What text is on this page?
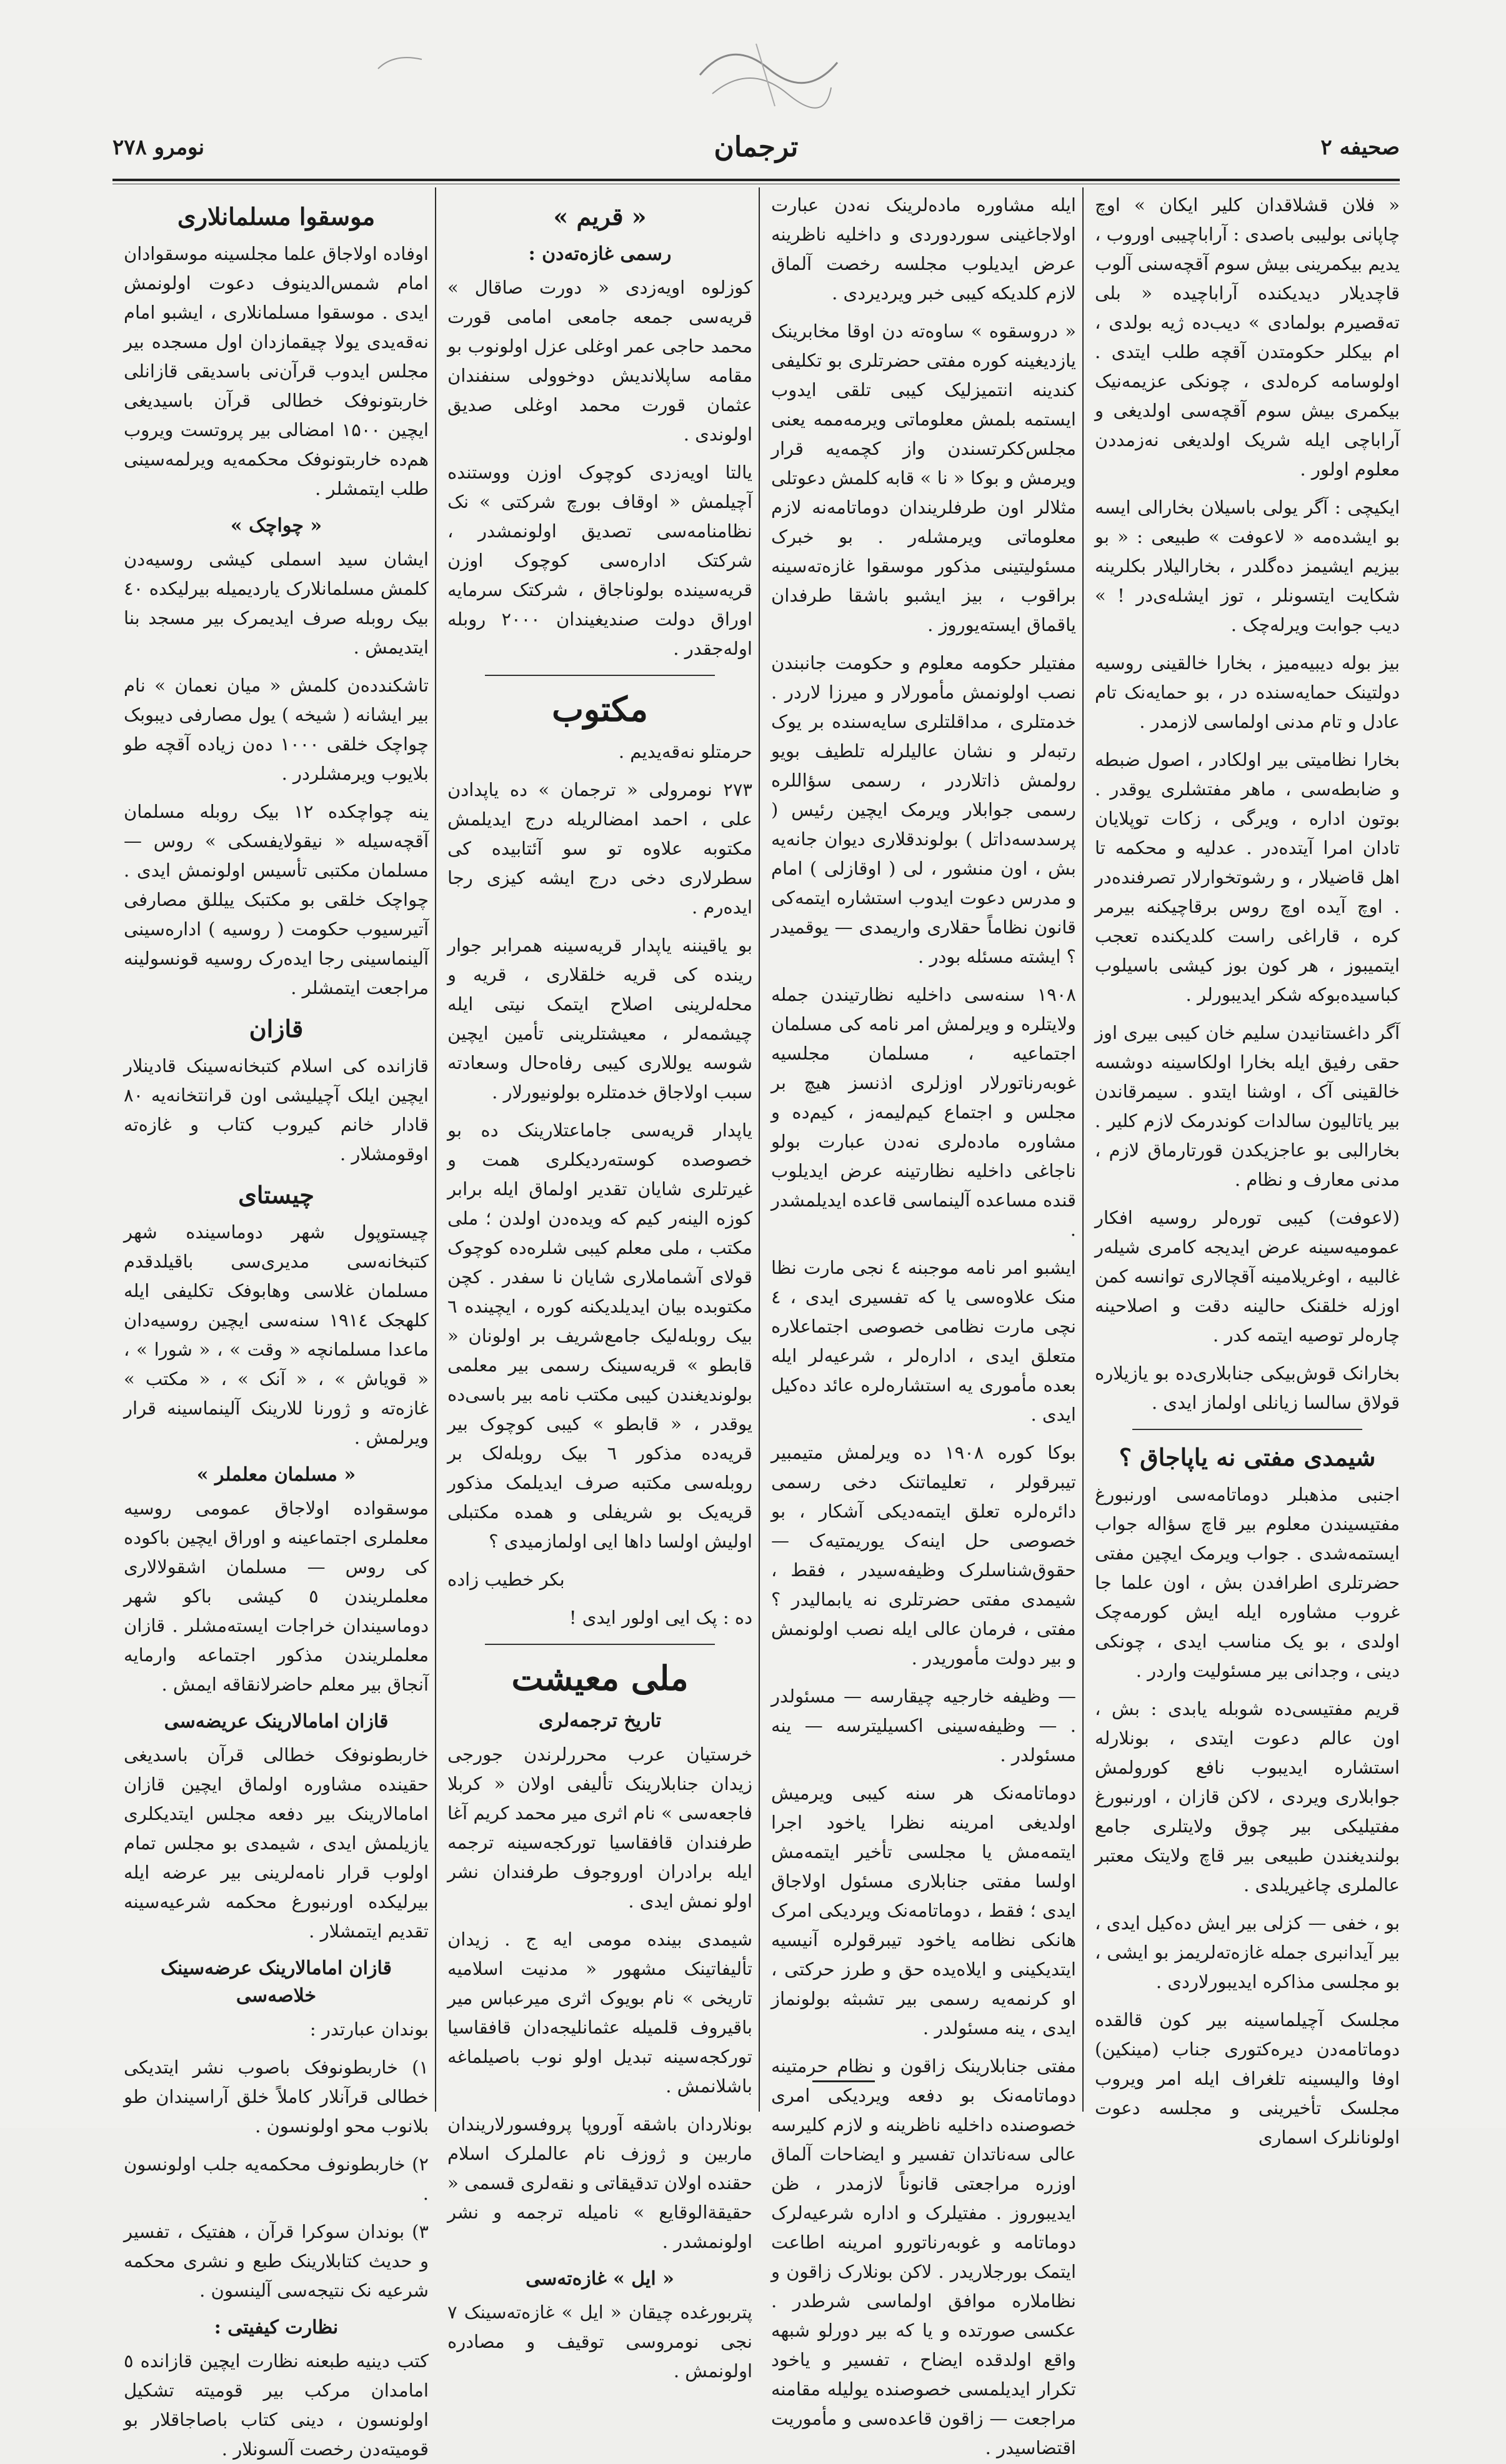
صحیفه ۲
ترجمان
نومرو ۲۷۸

« فلان قشلاقدان کلیر ایکان » اوچ چاپانی بولیبی باصدی : آراباچیبی اوروب ، یدیم بیکمرینی بیش سوم آقچه‌سنی آلوب قاچدیلار دیدیکنده آراباچیده « بلی ته‌قصیرم بولمادی » دیب‌ده ژیه بولدی ، ام بیکلر حکومتدن آقچه طلب ایتدی . اولوسامه کره‌لدی ، چونکی عزیمه‌نیک بیکمری بیش سوم آقچه‌سی اولدیغی و آراباچی ایله شریک اولدیغی نه‌زمددن معلوم اولور .

ایکیچی : آگر یولی باسیلان بخارالی ایسه بو ایشده‌مه « لاعوفت » طبیعی : « بو بیزیم ایشیمز ده‌گلدر ، بخارالیلار بکلرینه شکایت ایتسونلر ، توز ایشله‌ی‌در ! » دیب جوابت ویرله‌چک .

بیز بوله دیبیه‌میز ، بخارا خالقینی روسیه دولتینک حمایه‌سنده‌ در ، بو حمایه‌نک تام عادل و تام مدنی اولماسی لازمدر .

بخارا نظامیتی بیر اولکادر ، اصول ضبطه و ضابطه‌سی ، ماهر مفتشلری یوقدر . بوتون اداره ، ویرگی ، زکات توپلایان تادان امرا آیتده‌در . عدلیه و محکمه تا اهل قاضیلار ، و رشوتخوارلار تصرفنده‌در . اوچ آیده اوچ روس برقاچیکنه بیرمر کره ، قاراغی راست کلدیکنده تعجب ایتمیبوز ، هر کون بوز کیشی باسیلوب کباسیده‌بوکه شکر ایدیبورلر .

آگر داغستانیدن سلیم خان کیبی بیری اوز حقی رفیق ایله بخارا اولکاسینه دوشسه خالقینی آک ، اوشنا ایتدو . سیمرقاندن بیر یاتالیون سالدات کوندرمک لازم کلیر . بخارالبی بو عاجزیکدن قورتارماق لازم ، مدنی معارف و نظام .

(لاعوفت) کیبی توره‌لر روسیه افکار عمومیه‌سینه عرض ایدیجه کامری شیله‌ر غالبیه ، اوغریلامینه آقچالاری توانسه کمن اوزله خلقنک حالینه دقت و اصلاحینه چاره‌لر توصیه ایتمه کدر .

بخارانک قوش‌بیکی جنابلاری‌ده بو یازیلاره قولاق سالسا زیانلی اولماز ایدی .

شیمدی مفتی نه یاپاجاق ؟

اجنبی مذهبلر دوماتامه‌سی اورنبورغ مفتیسیندن معلوم بیر قاچ سؤاله جواب ایستمه‌شدی . جواب ویرمک ایچین مفتی حضرتلری اطرافدن بش ، اون علما جا غروب مشاوره ایله ایش کورمه‌چک اولدی ، بو یک مناسب ایدی ، چونکی دینی ، وجدانی بیر مسئولیت واردر .

قریم مفتیسی‌ده شوبله یابدی : بش ، اون عالم دعوت ایتدی ، بونلارله استشاره ایدیبوب نافع کورولمش جوابلاری ویردی ، لاکن قازان ، اورنبورغ مفتیلیکی بیر چوق ولایتلری جامع بولندیغندن طبیعی بیر قاچ ولایتک معتبر عالملری چاغیریلدی .

بو ، خفی — کزلی بیر ایش ده‌کیل ایدی ، بیر آیدانبری جمله غازه‌ته‌لریمز بو ایشی ، بو مجلسی مذاکره ایدیبورلاردی .

مجلسک آچیلماسینه بیر کون قالقده دوماتامه‌دن دیره‌کتوری جناب (مینکین) اوفا والیسینه تلغراف ایله امر ویروب مجلسک تأخیرینی و مجلسه دعوت اولونانلرک اسماری

ایله مشاوره ماده‌لرینک نه‌دن عبارت اولاجاغینی سوردوردی و داخلیه ناظرینه عرض ایدیلوب مجلسه رخصت آلماق لازم کلدیکه کیبی خبر ویردیردی .

« دروسقوه » ساوه‌ته دن اوقا مخابرینک یازدیغینه کوره مفتی حضرتلری بو تکلیفی کندینه انتمیزلیک کیبی تلقی ایدوب ایستمه‌ بلمش معلوماتی ویرمه‌ممه یعنی مجلس‌ککرتسندن واز کچمه‌یه قرار ویرمش و بوکا « نا » قابه کلمش دعوتلی مثلالر اون طرفلریندان دوماتامه‌نه لازم معلوماتی ویرمشله‌ر . بو خبرک مسئولیتینی مذکور موسقوا غازه‌ته‌سینه براقوب ، بیز ایشبو باشقا طرفدان یاقماق ایسته‌یوروز .

مفتیلر حکومه معلوم و حکومت جانبندن نصب اولونمش مأمورلار و میرزا لاردر . خدمتلری ، مداقلتلری سایه‌سنده بر یوک رتبه‌لر و نشان عالیلرله تلطیف بویو رولمش ذاتلاردر ، رسمی سؤاللره رسمی جوابلار ویرمک ایچین رئیس ( پرسدسه‌داتل ) بولوندقلاری دیوان جانه‌یه بش ، اون منشور ، لی ( اوقازلی ) امام و مدرس دعوت ایدوب استشاره ایتمه‌کی قانون نظاماً حقلاری واریمدی — یوقمیدر ؟ ایشته مسئله بودر .

۱۹۰۸ سنه‌سی داخلیه نظارتیندن جمله ولایتلره و ویرلمش امر نامه کی مسلمان اجتماعیه ، مسلمان مجلسیه غوبه‌رناتورلار اوزلری اذنسز هیچ بر مجلس و اجتماع کیم‌لیمه‌ز ، کیم‌ده‌ و مشاوره ماده‌لری نه‌دن عبارت بولو ناجاغی داخلیه نظارتینه عرض ایدیلوب قنده مساعده آلینماسی قاعده ایدیلمشدر .

ایشبو امر نامه موجبنه ٤ نجی مارت نظا منک علاوه‌سی یا که تفسیری ایدی ، ٤ نچی مارت نظامی خصوصی اجتماعلاره متعلق ایدی ، اداره‌لر ، شرعیه‌لر ایله بعده مأموری یه استشاره‌لره عائد ده‌کیل ایدی .

بوکا کوره ۱۹۰۸ ده ویرلمش متیمبیر تیبرقولر ، تعلیماتنک دخی رسمی دائره‌لره تعلق ایتمه‌دیکی آشکار ، بو خصوصی حل اینه‌ک یوریمتیه‌ک — حقوق‌شناسلرک وظیفه‌سیدر ، فقط ، شیمدی مفتی حضرتلری نه یابماليدر ؟ مفتی ، فرمان عالی ایله نصب اولونمش و بیر دولت مأموریدر .

— وظیفه خارجیه چیقارسه — مسئولدر . — وظیفه‌سینی اکسیلیترسه — ینه مسئولدر .

دوماتامه‌نک هر سنه کیبی ویرمیش اولدیغی امرینه نظرا یاخود اجرا ایتمه‌مش یا مجلسی تأخیر ایتمه‌مش اولسا مفتی جنابلاری مسئول اولاجاق ایدی ؛ فقط ، دوماتامه‌نک ویردیکی امرک هانکی نظامه یاخود تیبرقولره آنیسیه ایتدیکینی و ایلاه‌یده حق و طرز حرکتی ، او کرنمه‌یه رسمی بیر تشبثه بولونماز ایدی ، ینه مسئولدر .

مفتی جنابلارینک زاقون و نظام حرمتینه دوماتامه‌نک بو دفعه ویردیکی امری خصوصنده داخلیه ناظرینه و لازم کلیرسه عالی سه‌ناتدان تفسیر و ایضاحات آلماق اوزره مراجعتی قانوناً لازمدر ، ظن ایدیبوروز . مفتیلرک و اداره شرعیه‌لرک دوماتامه و غوبه‌رناتورو امرینه اطاعت ایتمک بورجلاریدر . لاکن بونلارک زاقون و نظاملاره موافق اولماسی شرطدر . عکسی صورتده و یا که بیر دورلو شبهه واقع اولدقده ایضاح ، تفسیر و یاخود تکرار ایدیلمسی خصوصنده یولیله مقامنه مراجعت — زاقون قاعده‌سی و مأموریت اقتضاسیدر .

« قریم »
رسمی غازه‌ته‌دن :

کوزلوه اویه‌زدی « دورت صاقال » قریه‌سی جمعه جامعی امامی قورت محمد حاجی عمر اوغلی عزل اولونوب بو مقامه ساپلاندیش دوخوولی سنفندان عثمان قورت محمد اوغلی صدیق اولوندی .

یالتا اویه‌زدی کوچوک اوزن ووستنده آچیلمش « اوقاف بورچ شرکتی » نک نظامنامه‌سی تصدیق اولونمشدر ، شرکتک اداره‌سی کوچوک اوزن قریه‌سینده بولوناجاق ، شرکتک سرمایه اوراق دولت صندیغیندان ۲۰۰۰ روبله اوله‌جقدر .

مکتوب

حرمتلو نه‌قه‌یدیم .

۲۷۳ نومرولی « ترجمان » ده یاپدادن علی ، احمد امضالریله درج ایدیلمش مکتوبه علاوه تو سو آئتابیده کی سطرلاری دخی درج ایشه کیزی رجا ایده‌رم .

بو یاقیننه یاپدار قریه‌سینه همرابر جوار رینده کی قریه خلقلاری ، قریه و محله‌لرینی اصلاح ایتمک نیتی ایله چیشمه‌لر ، معیشتلرینی تأمین ایچین شوسه یوللاری کیبی رفاه‌حال وسعادته سبب اولاجاق خدمتلره بولونیورلار .

یاپدار قریه‌سی جاماعتلارینک ده بو خصوصده کوسته‌ردیکلری همت و غیرتلری شایان تقدیر اولماق ایله برابر کوزه الینه‌ر کیم که ویده‌دن اولدن ؛ ملی مکتب ، ملی معلم کیبی شلره‌ده کوچوک قولای آشماملاری شایان نا سفدر . کچن مکتوبده بیان ایدیلدیکنه کوره ، ایچینده ٦ بیک روبله‌لیک جامع‌شریف بر اولونان « قابطو » قریه‌سینک رسمی بیر معلمی بولوندیغندن کیبی مکتب نامه بیر باسی‌ده یوقدر ، « قابطو » کیبی کوچوک بیر قریه‌ده مذکور ٦ بیک روبله‌لک بر روبله‌سی مکتبه صرف ایدیلمک مذکور قریه‌یک بو شریفلی و همده مکتبلی اولیش اولسا داها ایی اولمازمیدی ؟

بکر خطیب زاده

ده : پک ایی اولور ایدی !

ملی معیشت
تاریخ ترجمه‌لری

خرستیان عرب محررلرندن جورجی زیدان جنابلارینک تألیفی اولان « کربلا فاجعه‌سی » نام اثری میر محمد کریم آغا طرفندان قافقاسیا تورکجه‌سینه ترجمه ایله برادران اوروجوف طرفندان نشر اولو نمش ایدی .

شیمدی بینده مومی ایه ج . زیدان تألیفاتینک مشهور « مدنیت اسلامیه تاریخی » نام بویوک اثری میرعباس میر باقیروف قلمیله عثمانلیجه‌دان قافقاسیا تورکجه‌سینه تبدیل اولو نوب باصیلماغه باشلانمش .

بونلاردان باشقه آوروپا پروفسورلاریندان ماربین و ژوزف نام عالملرک اسلام حقنده اولان تدقیقاتی و نقه‌لری قسمی « حقیقة‌الوقایع » نامیله ترجمه و نشر اولونمشدر .

« ایل » غازه‌ته‌سی

پتربورغده چیقان « ایل » غازه‌ته‌سینک ۷ نجی نومروسی توقیف و مصادره اولونمش .

موسقوا مسلمانلاری

اوفاده اولاجاق علما مجلسینه موسقوادان امام شمس‌الدینوف دعوت اولونمش ایدی . موسقوا مسلمانلاری ، ایشبو امام نه‌قه‌یدی یولا چیقمازدان اول مسجده بیر مجلس ایدوب قرآن‌نی باسدیقی قازانلی خاربتونوفک خطالی قرآن باسیدیغی ایچین ۱۵۰۰ امضالی بیر پروتست ویروب هم‌ده خاربتونوفک محکمه‌یه ویرلمه‌سینی طلب ایتمشلر .

« چواچک »

ایشان سید اسملی کیشی روسیه‌دن کلمش مسلمانلارک یاردیمیله بیرلیکده ٤۰ بیک روبله صرف ایدیمرک بیر مسجد بنا ایتدیمش .

تاشکندده‌ن کلمش « میان نعمان » نام بیر ایشانه ( شیخه ) یول مصارفی دیبوبک چواچک خلقی ۱۰۰۰ ده‌ن زیاده آقچه طو بلایوب ویرمشلردر .

ینه چواچکده ۱۲ بیک روبله مسلمان آقچه‌سیله « نیقولایفسکی » روس — مسلمان مکتبی تأسیس اولونمش ایدی . چواچک خلقی بو مکتبک ییللق مصارفی آتیرسیوب حکومت ( روسیه ) اداره‌سینی آلینماسینی رجا ایده‌رک روسیه قونسولینه مراجعت ایتمشلر .

قازان

قازانده کی اسلام کتبخانه‌سینک قادینلار ایچین ایلک آچیلیشی اون قرانتخانه‌یه ۸۰ قادار خانم کیروب کتاب و غازه‌ته اوقومشلار .

چیستای

چیستوپول شهر دوماسینده شهر کتبخانه‌سی مدیری‌سی باقیلدقدم مسلمان غلاسی وهابوفک تکلیفی ایله کلهجک ۱۹۱٤ سنه‌سی ایچین روسیه‌دان ماعدا مسلمانچه « وقت » ، « شورا » ، « قویاش » ، « آنک » ، « مکتب » غازه‌ته و ژورنا للارینک آلینماسینه قرار ویرلمش .

« مسلمان معلملر »

موسقواده اولاجاق عمومی روسیه معلملری اجتماعینه و اوراق ایچین باکوده کی روس — مسلمان اشقولالاری معلملریندن ٥ کیشی باکو شهر دوماسیندان خراجات ایسته‌مشلر . قازان معلملریندن مذکور اجتماعه وارمایه آنجاق بیر معلم حاضرلانقاقه ایمش .

قازان امامالارینک عریضه‌سی

خاربطونوفک خطالی قرآن باسدیغی حقینده مشاوره اولماق ایچین قازان امامالارینک بیر دفعه مجلس ایتدیکلری یازیلمش ایدی ، شیمدی بو مجلس تمام اولوب قرار نامه‌لرینی بیر عرضه ایله بیرلیکده اورنبورغ محکمه‌ شرعیه‌سینه تقدیم ایتمشلار .

قازان امامالارینک عرضه‌سینک خلاصه‌سی

بوندان عبارتدر :

۱) خاربطونوفک باصوب نشر ایتدیکی خطالی قرآنلار کاملاً خلق آراسیندان طو بلانوب محو اولونسون .

۲) خاربطونوف محکمه‌یه جلب اولونسون .

۳) بوندان سوکرا قرآن ، هفتیک ، تفسیر و حدیث کتابلارینک طبع و نشری محکمه شرعیه نک نتیجه‌سی آلینسون .

نظارت کیفیتی :

کتب دینیه طبعنه نظارت ایچین قازانده ٥ امامدان مرکب بیر قومیته تشکیل اولونسون ، دینی کتاب باصاجاقلار بو قومیته‌دن رخصت آلسونلار .
